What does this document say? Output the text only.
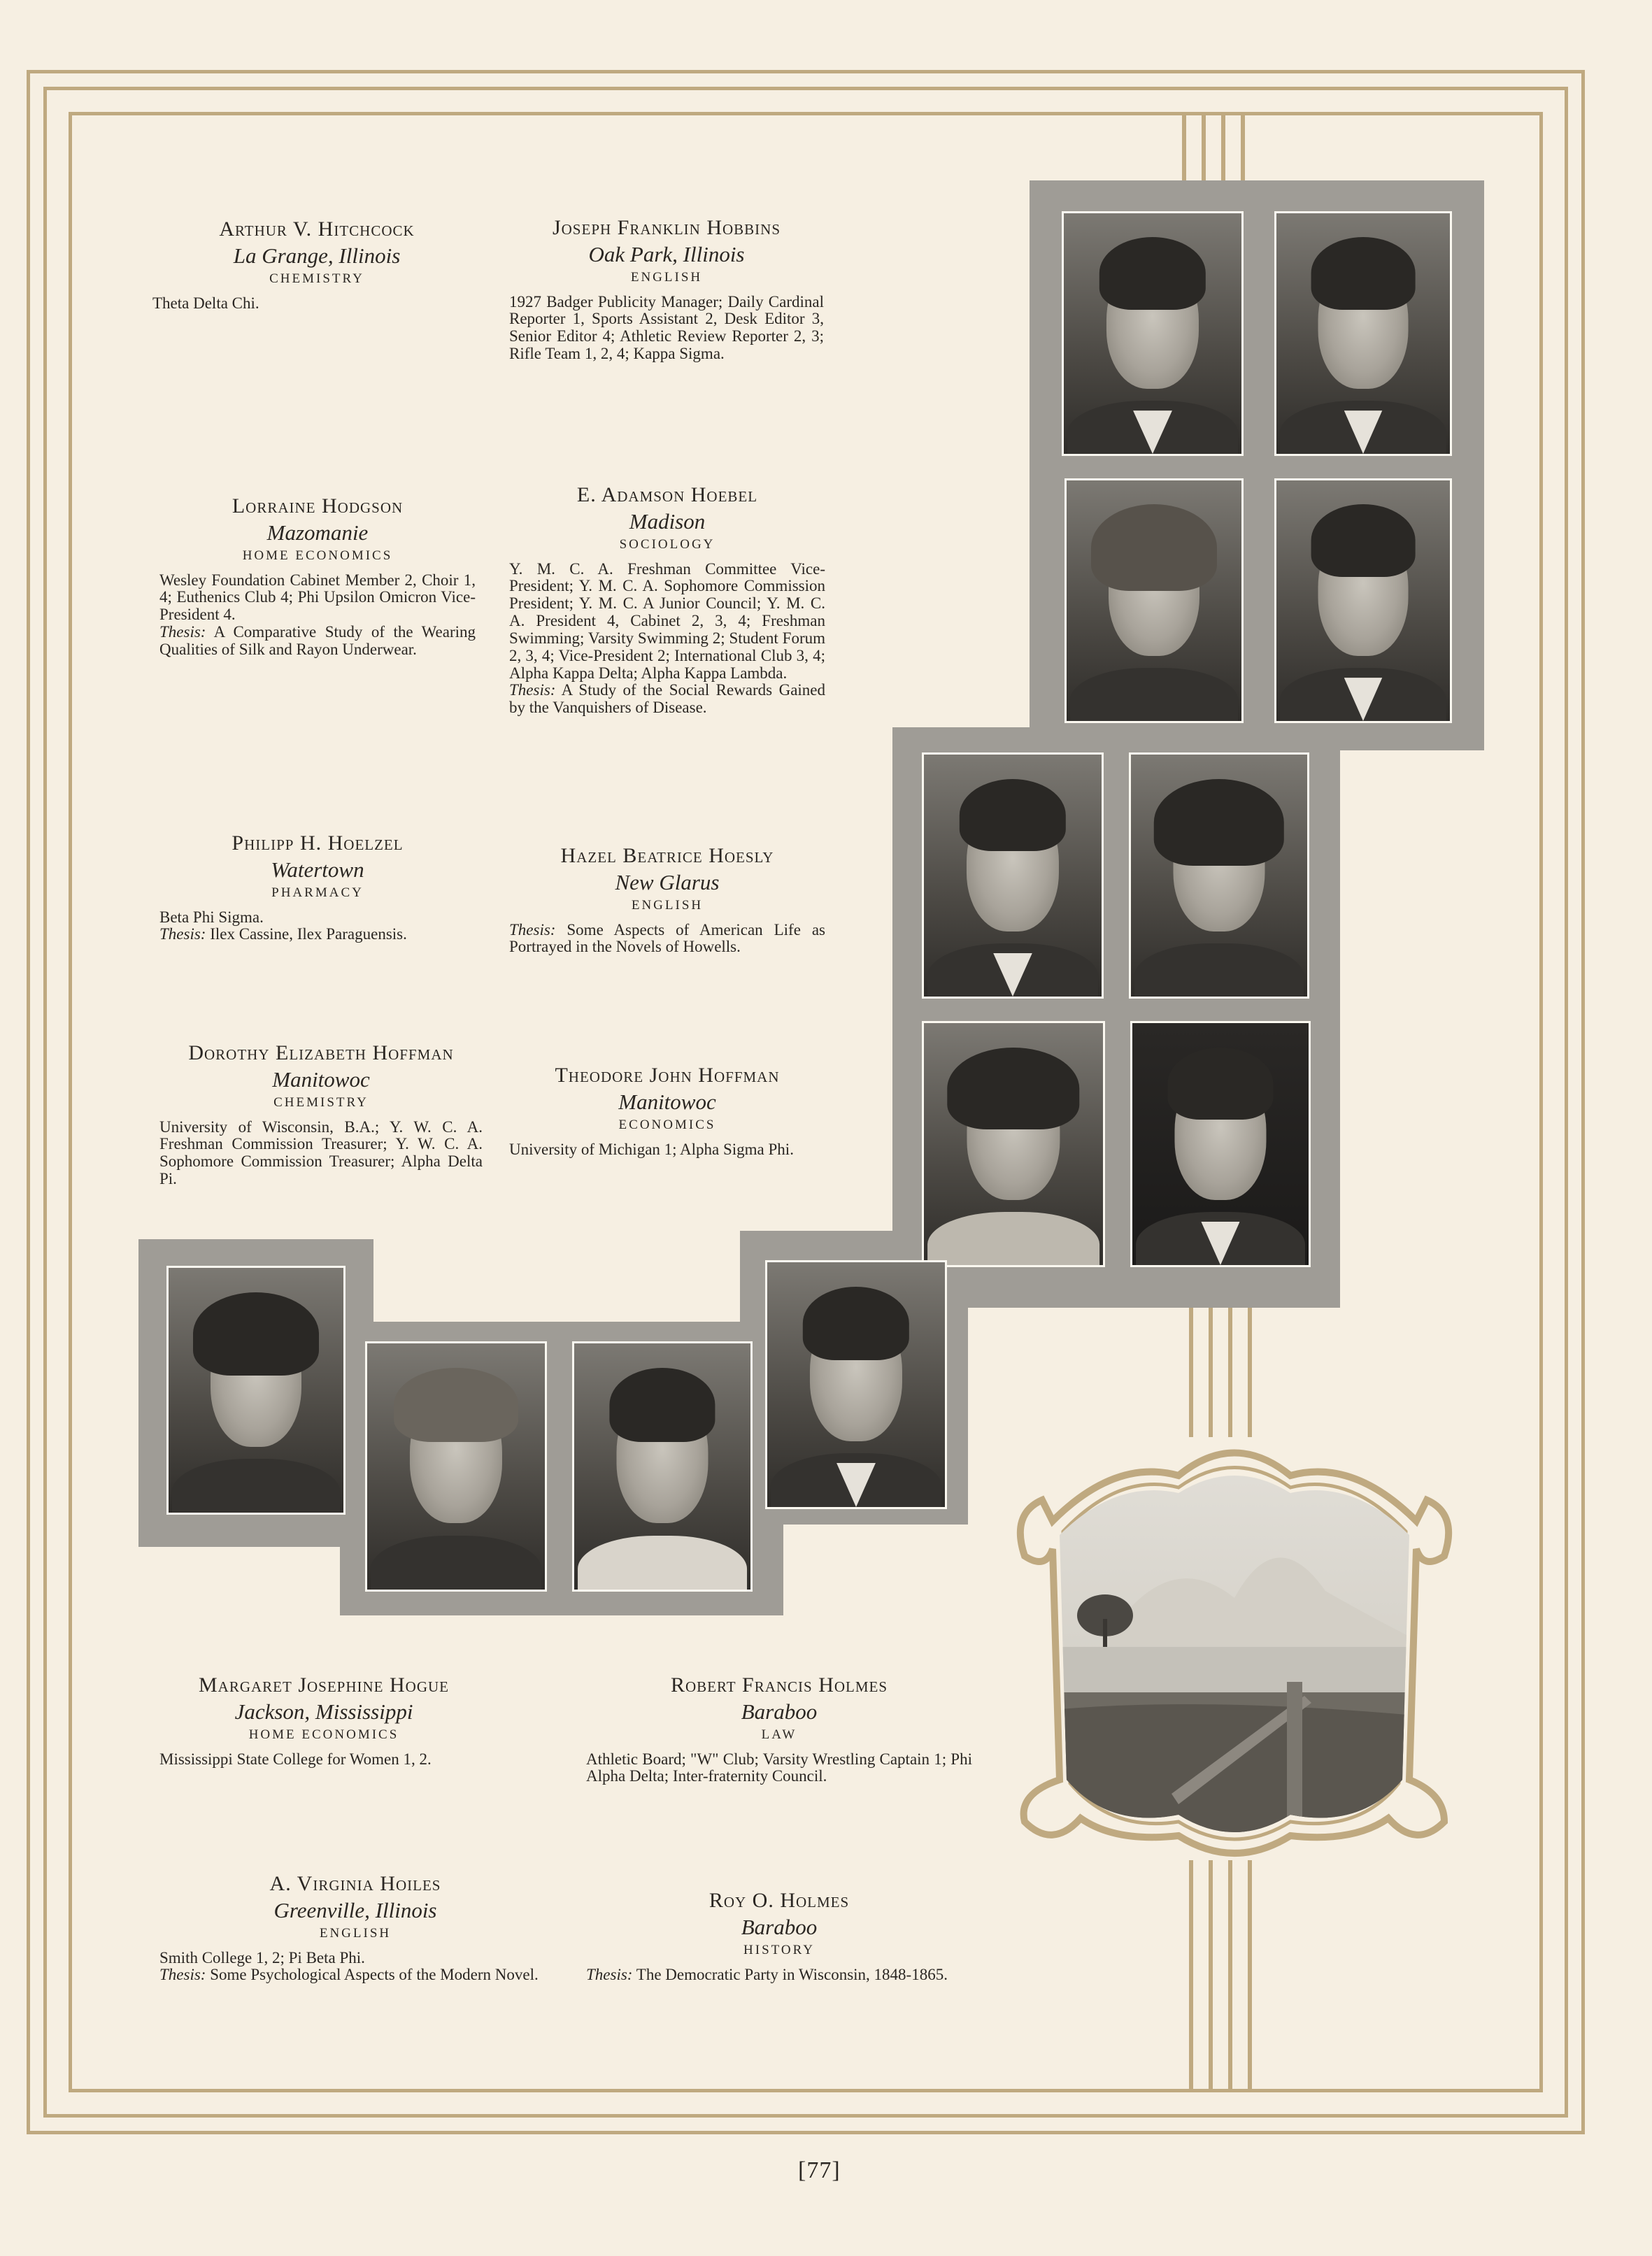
Arthur V. Hitchcock

La Grange, Illinois

CHEMISTRY

Theta Delta Chi.

Joseph Franklin Hobbins

Oak Park, Illinois

ENGLISH

1927 Badger Publicity Manager; Daily Cardinal Reporter 1, Sports Assistant 2, Desk Editor 3, Senior Editor 4; Athletic Review Reporter 2, 3; Rifle Team 1, 2, 4; Kappa Sigma.

Lorraine Hodgson

Mazomanie

HOME ECONOMICS

Wesley Foundation Cabinet Member 2, Choir 1, 4; Euthenics Club 4; Phi Upsilon Omicron Vice-President 4.

Thesis: A Comparative Study of the Wearing Qualities of Silk and Rayon Underwear.

E. Adamson Hoebel

Madison

SOCIOLOGY

Y. M. C. A. Freshman Committee Vice-President; Y. M. C. A. Sophomore Commission President; Y. M. C. A Junior Council; Y. M. C. A. President 4, Cabinet 2, 3, 4; Freshman Swimming; Varsity Swimming 2; Student Forum 2, 3, 4; Vice-President 2; International Club 3, 4; Alpha Kappa Delta; Alpha Kappa Lambda.

Thesis: A Study of the Social Rewards Gained by the Vanquishers of Disease.

Philipp H. Hoelzel

Watertown

PHARMACY

Beta Phi Sigma.

Thesis: Ilex Cassine, Ilex Paraguensis.

Hazel Beatrice Hoesly

New Glarus

ENGLISH

Thesis: Some Aspects of American Life as Portrayed in the Novels of Howells.

Dorothy Elizabeth Hoffman

Manitowoc

CHEMISTRY

University of Wisconsin, B.A.; Y. W. C. A. Freshman Commission Treasurer; Y. W. C. A. Sophomore Commission Treasurer; Alpha Delta Pi.

Theodore John Hoffman

Manitowoc

ECONOMICS

University of Michigan 1; Alpha Sigma Phi.

Margaret Josephine Hogue

Jackson, Mississippi

HOME ECONOMICS

Mississippi State College for Women 1, 2.

Robert Francis Holmes

Baraboo

LAW

Athletic Board; "W" Club; Varsity Wrestling Captain 1; Phi Alpha Delta; Inter-fraternity Council.

A. Virginia Hoiles

Greenville, Illinois

ENGLISH

Smith College 1, 2; Pi Beta Phi.

Thesis: Some Psychological Aspects of the Modern Novel.

Roy O. Holmes

Baraboo

HISTORY

Thesis: The Democratic Party in Wisconsin, 1848-1865.

[77]
